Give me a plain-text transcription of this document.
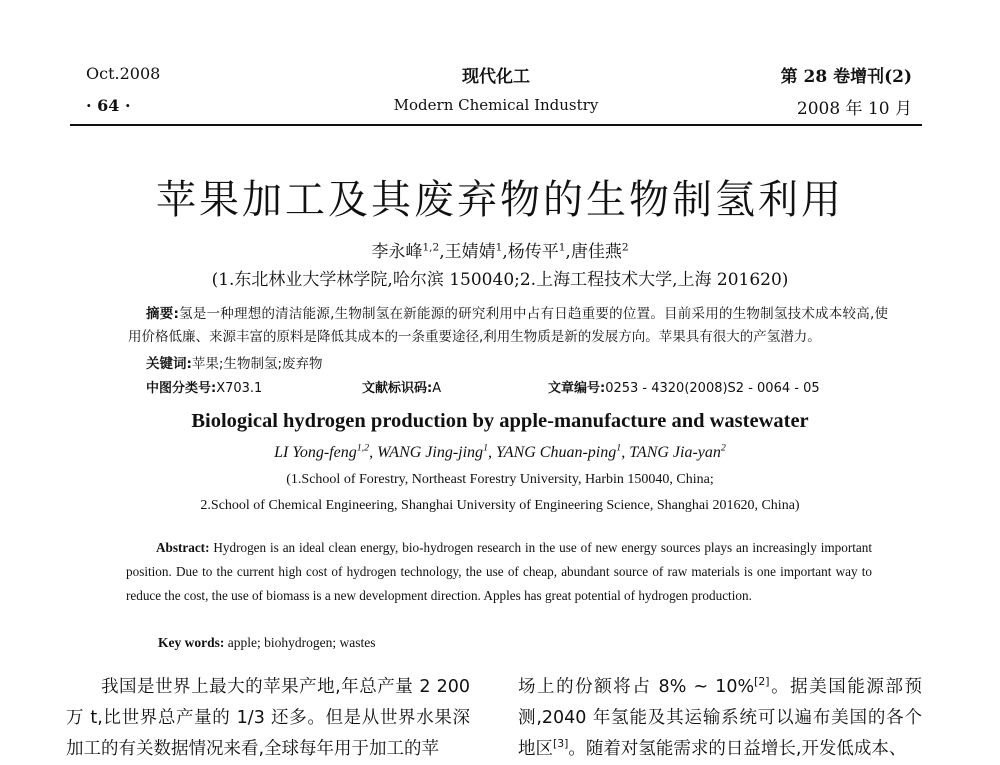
Oct.2008
· 64 ·
现代化工
Modern Chemical Industry
第 28 卷增刊(2)
2008 年 10 月
苹果加工及其废弃物的生物制氢利用
李永峰$^{1,2}$,王婧婧$^1$,杨传平$^1$,唐佳燕$^2$
(1.东北林业大学林学院,哈尔滨 150040;2.上海工程技术大学,上海 201620)
摘要:氢是一种理想的清洁能源,生物制氢在新能源的研究利用中占有日趋重要的位置。目前采用的生物制氢技术成本较高,使用价格低廉、来源丰富的原料是降低其成本的一条重要途径,利用生物质是新的发展方向。苹果具有很大的产氢潜力。
关键词:苹果;生物制氢;废弃物
中图分类号:X703.1	文献标识码:A	文章编号:0253 - 4320(2008)S2 - 0064 - 05
Biological hydrogen production by apple-manufacture and wastewater
LI Yong-feng$^{1,2}$, WANG Jing-jing$^1$, YANG Chuan-ping$^1$, TANG Jia-yan$^2$
(1.School of Forestry, Northeast Forestry University, Harbin 150040, China;
2.School of Chemical Engineering, Shanghai University of Engineering Science, Shanghai 201620, China)
Abstract: Hydrogen is an ideal clean energy, bio-hydrogen research in the use of new energy sources plays an increasingly important position. Due to the current high cost of hydrogen technology, the use of cheap, abundant source of raw materials is one important way to reduce the cost, the use of biomass is a new development direction. Apples has great potential of hydrogen production.
Key words: apple; biohydrogen; wastes
我国是世界上最大的苹果产地,年总产量 2 200 万 t,比世界总产量的 1/3 还多。但是从世界水果深加工的有关数据情况来看,全球每年用于加工的苹
场上的份额将占 8% ~ 10%[2]。据美国能源部预测,2040 年氢能及其运输系统可以遍布美国的各个地区[3]。随着对氢能需求的日益增长,开发低成本、
